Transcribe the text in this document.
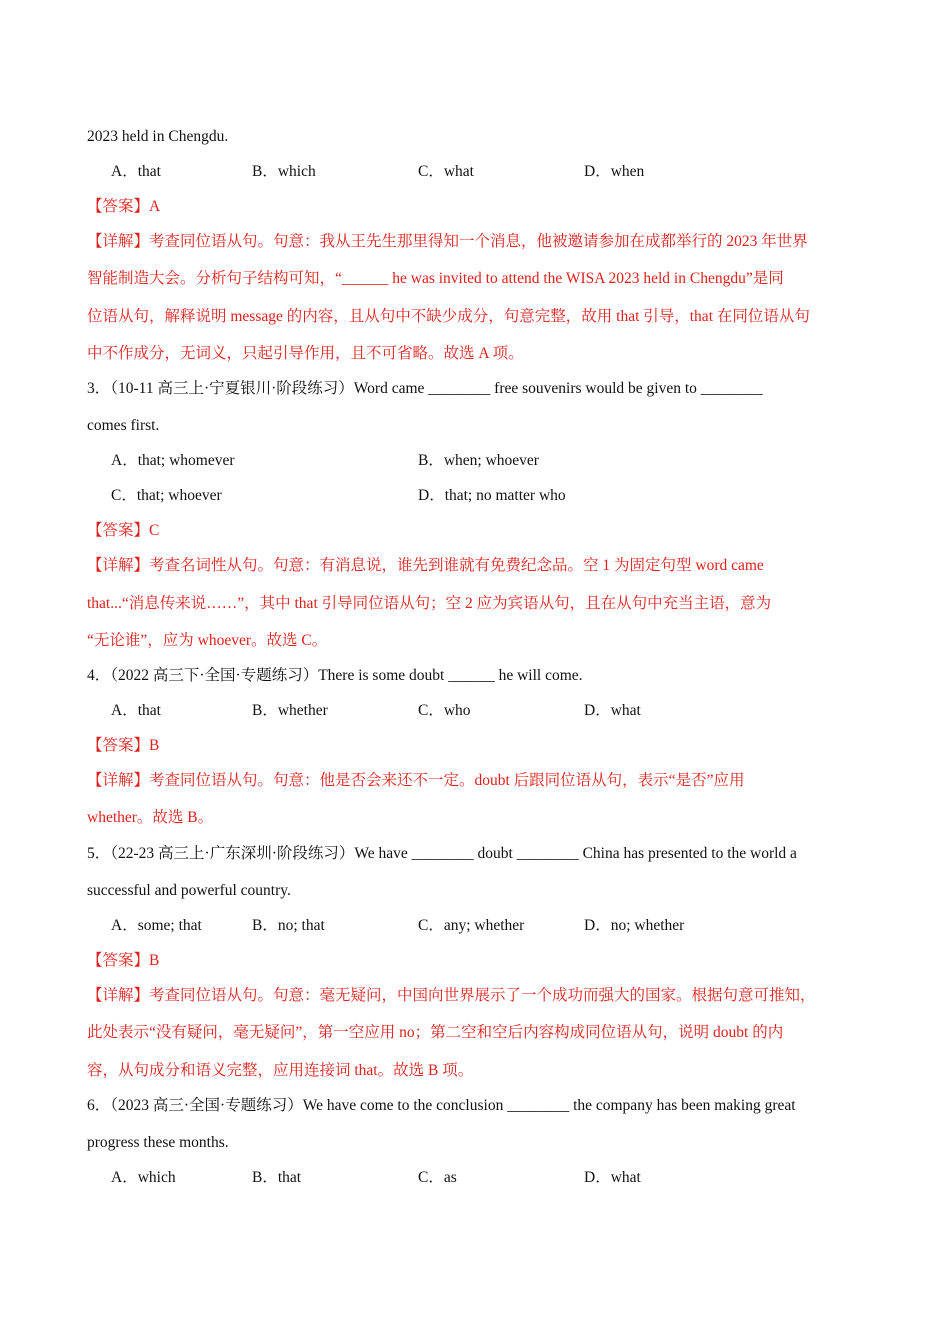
2023 held in Chengdu.
A．that	B．which	C．what	D．when
【答案】A
【详解】考查同位语从句。句意：我从王先生那里得知一个消息，他被邀请参加在成都举行的 2023 年世界
智能制造大会。分析句子结构可知，“______ he was invited to attend the WISA 2023 held in Chengdu”是同
位语从句，解释说明 message 的内容，且从句中不缺少成分，句意完整，故用 that 引导，that 在同位语从句
中不作成分，无词义，只起引导作用，且不可省略。故选 A 项。
3．（10-11 高三上·宁夏银川·阶段练习）Word came ________ free souvenirs would be given to ________
comes first.
A．that; whomever	B．when; whoever
C．that; whoever	D．that; no matter who
【答案】C
【详解】考查名词性从句。句意：有消息说，谁先到谁就有免费纪念品。空 1 为固定句型 word came
that...“消息传来说……”，其中 that 引导同位语从句；空 2 应为宾语从句，且在从句中充当主语，意为
“无论谁”，应为 whoever。故选 C。
4．（2022 高三下·全国·专题练习）There is some doubt ______ he will come.
A．that	B．whether	C．who	D．what
【答案】B
【详解】考查同位语从句。句意：他是否会来还不一定。doubt 后跟同位语从句，表示“是否”应用
whether。故选 B。
5．（22-23 高三上·广东深圳·阶段练习）We have ________ doubt ________ China has presented to the world a
successful and powerful country.
A．some; that	B．no; that	C．any; whether	D．no; whether
【答案】B
【详解】考查同位语从句。句意：毫无疑问，中国向世界展示了一个成功而强大的国家。根据句意可推知，
此处表示“没有疑问，毫无疑问”，第一空应用 no；第二空和空后内容构成同位语从句，说明 doubt 的内
容，从句成分和语义完整，应用连接词 that。故选 B 项。
6．（2023 高三·全国·专题练习）We have come to the conclusion ________ the company has been making great
progress these months.
A．which	B．that	C．as	D．what
